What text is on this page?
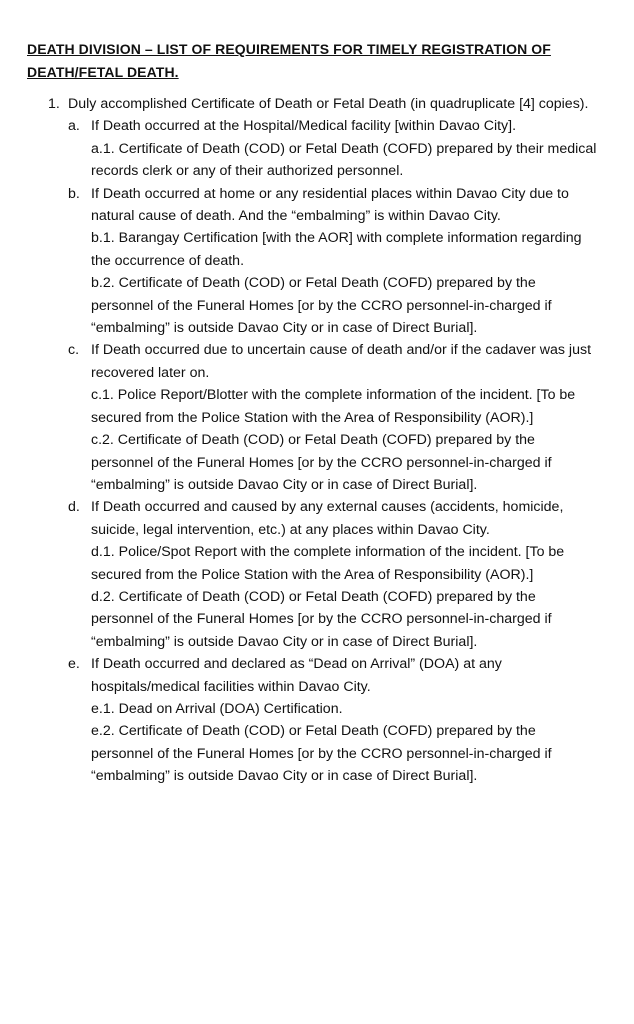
DEATH DIVISION – LIST OF REQUIREMENTS FOR TIMELY REGISTRATION OF DEATH/FETAL DEATH.
1. Duly accomplished Certificate of Death or Fetal Death (in quadruplicate [4] copies).
a. If Death occurred at the Hospital/Medical facility [within Davao City].
a.1. Certificate of Death (COD) or Fetal Death (COFD) prepared by their medical records clerk or any of their authorized personnel.
b. If Death occurred at home or any residential places within Davao City due to natural cause of death. And the “embalming” is within Davao City.
b.1. Barangay Certification [with the AOR] with complete information regarding the occurrence of death.
b.2. Certificate of Death (COD) or Fetal Death (COFD) prepared by the personnel of the Funeral Homes [or by the CCRO personnel-in-charged if “embalming” is outside Davao City or in case of Direct Burial].
c. If Death occurred due to uncertain cause of death and/or if the cadaver was just recovered later on.
c.1. Police Report/Blotter with the complete information of the incident. [To be secured from the Police Station with the Area of Responsibility (AOR).]
c.2. Certificate of Death (COD) or Fetal Death (COFD) prepared by the personnel of the Funeral Homes [or by the CCRO personnel-in-charged if “embalming” is outside Davao City or in case of Direct Burial].
d. If Death occurred and caused by any external causes (accidents, homicide, suicide, legal intervention, etc.) at any places within Davao City.
d.1. Police/Spot Report with the complete information of the incident. [To be secured from the Police Station with the Area of Responsibility (AOR).]
d.2. Certificate of Death (COD) or Fetal Death (COFD) prepared by the personnel of the Funeral Homes [or by the CCRO personnel-in-charged if “embalming” is outside Davao City or in case of Direct Burial].
e. If Death occurred and declared as “Dead on Arrival” (DOA) at any hospitals/medical facilities within Davao City.
e.1. Dead on Arrival (DOA) Certification.
e.2. Certificate of Death (COD) or Fetal Death (COFD) prepared by the personnel of the Funeral Homes [or by the CCRO personnel-in-charged if “embalming” is outside Davao City or in case of Direct Burial].
